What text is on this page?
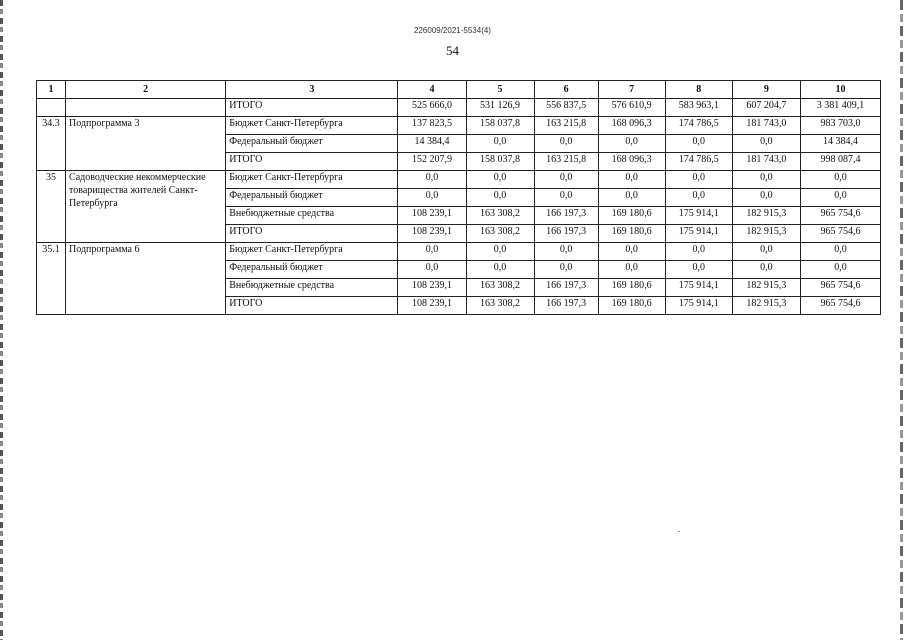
226009/2021-5534(4)
54
1	2	3	4	5	6	7	8	9	10
		ИТОГО	525 666,0	531 126,9	556 837,5	576 610,9	583 963,1	607 204,7	3 381 409,1
34.3	Подпрограмма 3	Бюджет Санкт-Петербурга	137 823,5	158 037,8	163 215,8	168 096,3	174 786,5	181 743,0	983 703,0
		Федеральный бюджет	14 384,4	0,0	0,0	0,0	0,0	0,0	14 384,4
		ИТОГО	152 207,9	158 037,8	163 215,8	168 096,3	174 786,5	181 743,0	998 087,4
35	Садоводческие некоммерческие товарищества жителей Санкт-Петербурга	Бюджет Санкт-Петербурга	0,0	0,0	0,0	0,0	0,0	0,0	0,0
		Федеральный бюджет	0,0	0,0	0,0	0,0	0,0	0,0	0,0
		Внебюджетные средства	108 239,1	163 308,2	166 197,3	169 180,6	175 914,1	182 915,3	965 754,6
		ИТОГО	108 239,1	163 308,2	166 197,3	169 180,6	175 914,1	182 915,3	965 754,6
35.1	Подпрограмма 6	Бюджет Санкт-Петербурга	0,0	0,0	0,0	0,0	0,0	0,0	0,0
		Федеральный бюджет	0,0	0,0	0,0	0,0	0,0	0,0	0,0
		Внебюджетные средства	108 239,1	163 308,2	166 197,3	169 180,6	175 914,1	182 915,3	965 754,6
		ИТОГО	108 239,1	163 308,2	166 197,3	169 180,6	175 914,1	182 915,3	965 754,6
